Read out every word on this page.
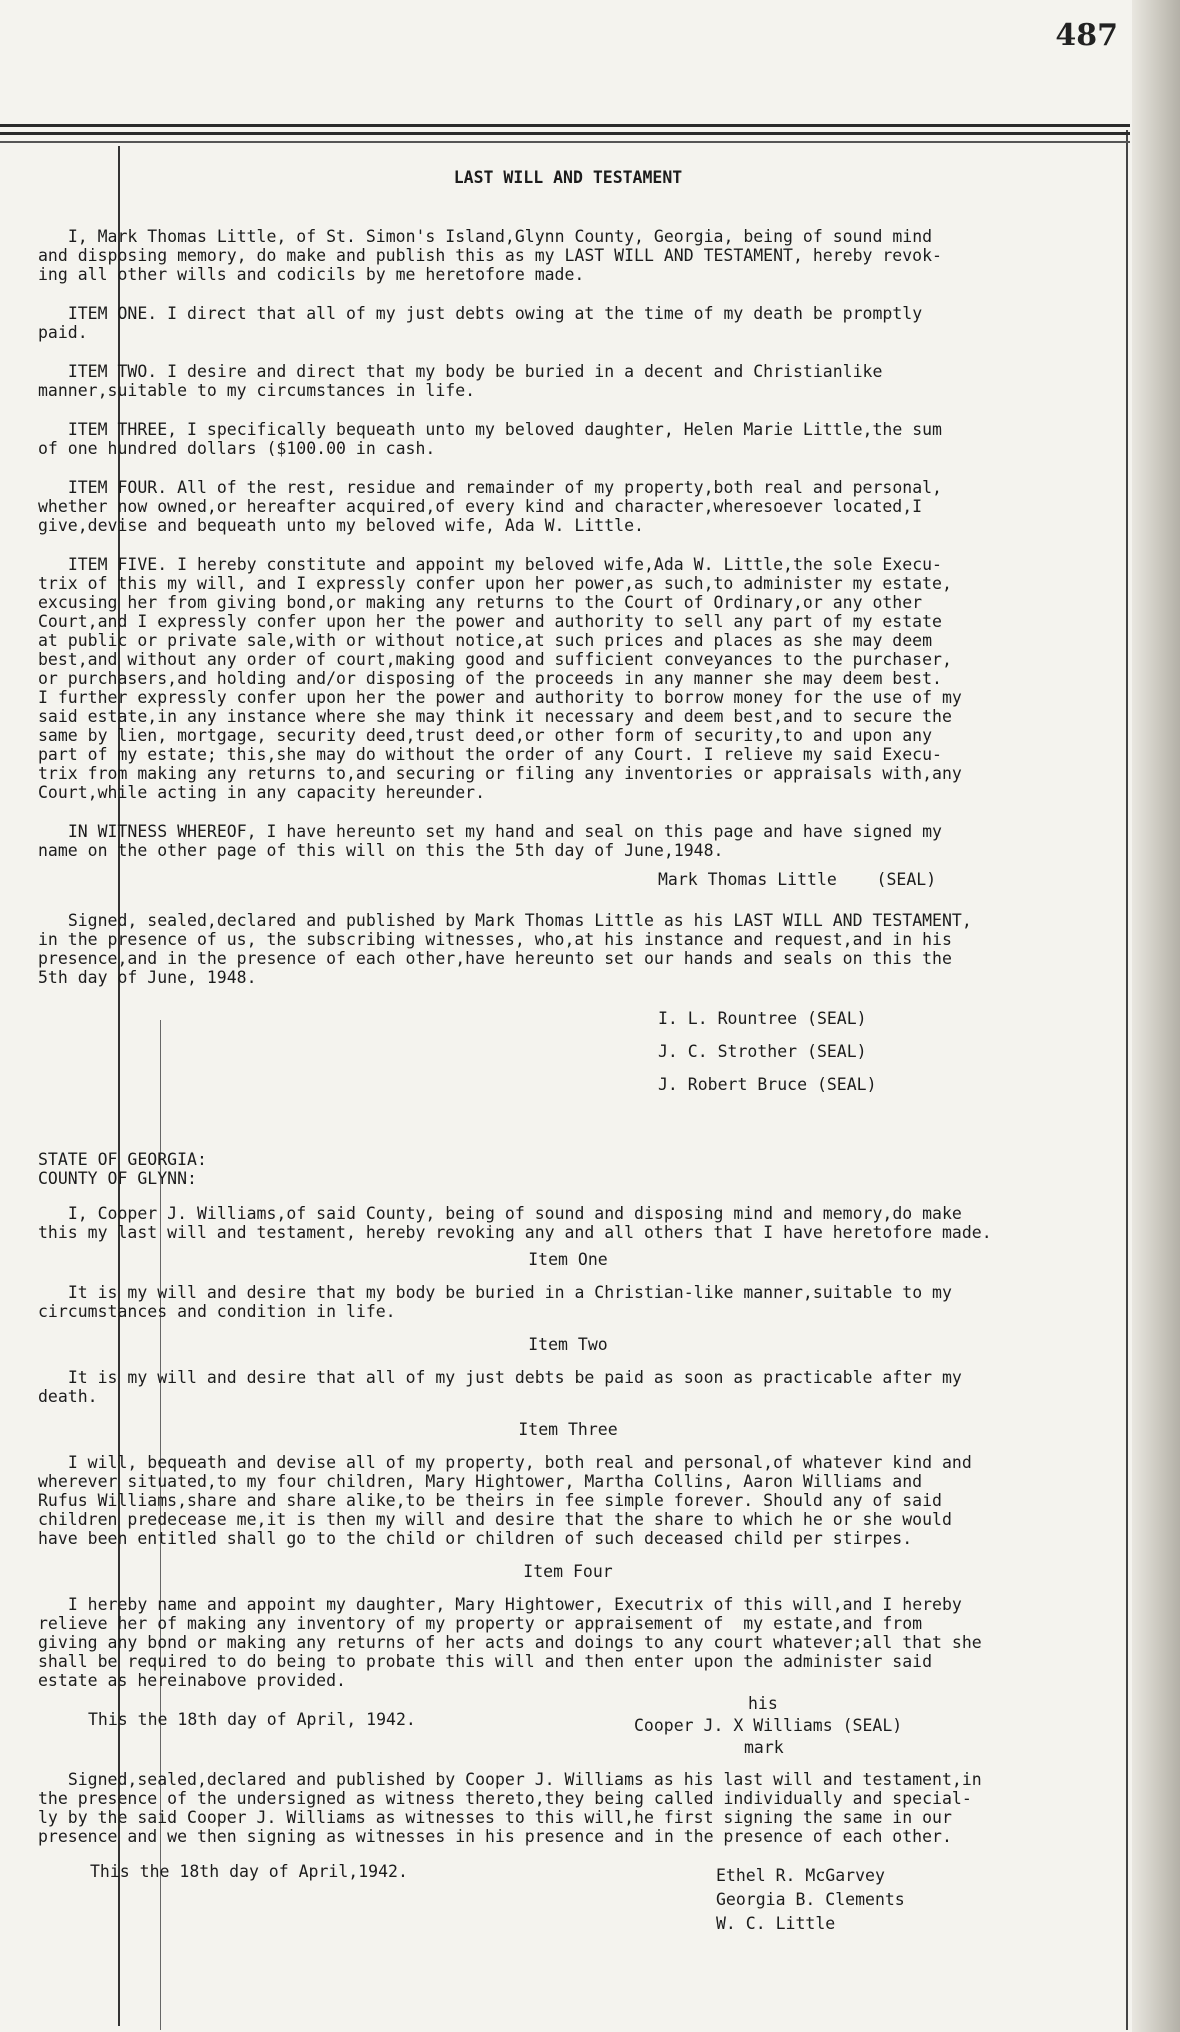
487

LAST WILL AND TESTAMENT

I, Mark Thomas Little, of St. Simon's Island,Glynn County, Georgia, being of sound mind
and disposing memory, do make and publish this as my LAST WILL AND TESTAMENT, hereby revok-
ing all other wills and codicils by me heretofore made.

ITEM ONE. I direct that all of my just debts owing at the time of my death be promptly
paid.

ITEM TWO. I desire and direct that my body be buried in a decent and Christianlike
manner,suitable to my circumstances in life.

ITEM THREE, I specifically bequeath unto my beloved daughter, Helen Marie Little,the sum
of one hundred dollars ($100.00 in cash.

ITEM FOUR. All of the rest, residue and remainder of my property,both real and personal,
whether now owned,or hereafter acquired,of every kind and character,wheresoever located,I
give,devise and bequeath unto my beloved wife, Ada W. Little.

ITEM FIVE. I hereby constitute and appoint my beloved wife,Ada W. Little,the sole Execu-
trix of this my will, and I expressly confer upon her power,as such,to administer my estate,
excusing her from giving bond,or making any returns to the Court of Ordinary,or any other
Court,and I expressly confer upon her the power and authority to sell any part of my estate
at public or private sale,with or without notice,at such prices and places as she may deem
best,and without any order of court,making good and sufficient conveyances to the purchaser,
or purchasers,and holding and/or disposing of the proceeds in any manner she may deem best.
I further expressly confer upon her the power and authority to borrow money for the use of my
said estate,in any instance where she may think it necessary and deem best,and to secure the
same by lien, mortgage, security deed,trust deed,or other form of security,to and upon any
part of my estate; this,she may do without the order of any Court. I relieve my said Execu-
trix from making any returns to,and securing or filing any inventories or appraisals with,any
Court,while acting in any capacity hereunder.

IN WITNESS WHEREOF, I have hereunto set my hand and seal on this page and have signed my
name on the other page of this will on this the 5th day of June,1948.

Mark Thomas Little    (SEAL)

Signed, sealed,declared and published by Mark Thomas Little as his LAST WILL AND TESTAMENT,
in the presence of us, the subscribing witnesses, who,at his instance and request,and in his
presence,and in the presence of each other,have hereunto set our hands and seals on this the
5th day of June, 1948.

I. L. Rountree (SEAL)

J. C. Strother (SEAL)

J. Robert Bruce (SEAL)

STATE OF GEORGIA:

COUNTY OF GLYNN:

I, Cooper J. Williams,of said County, being of sound and disposing mind and memory,do make
this my last will and testament, hereby revoking any and all others that I have heretofore made.

Item One

It is my will and desire that my body be buried in a Christian-like manner,suitable to my
circumstances and condition in life.

Item Two

It is my will and desire that all of my just debts be paid as soon as practicable after my
death.

Item Three

I will, bequeath and devise all of my property, both real and personal,of whatever kind and
wherever situated,to my four children, Mary Hightower, Martha Collins, Aaron Williams and
Rufus Williams,share and share alike,to be theirs in fee simple forever. Should any of said
children predecease me,it is then my will and desire that the share to which he or she would
have been entitled shall go to the child or children of such deceased child per stirpes.

Item Four

I hereby name and appoint my daughter, Mary Hightower, Executrix of this will,and I hereby
relieve her of making any inventory of my property or appraisement of  my estate,and from
giving any bond or making any returns of her acts and doings to any court whatever;all that she
shall be required to do being to probate this will and then enter upon the administer said
estate as hereinabove provided.

This the 18th day of April, 1942.
his
Cooper J. X Williams (SEAL)
mark

Signed,sealed,declared and published by Cooper J. Williams as his last will and testament,in
the presence of the undersigned as witness thereto,they being called individually and special-
ly by the said Cooper J. Williams as witnesses to this will,he first signing the same in our
presence and we then signing as witnesses in his presence and in the presence of each other.

This the 18th day of April,1942.	Ethel R. McGarvey
Georgia B. Clements
W. C. Little
